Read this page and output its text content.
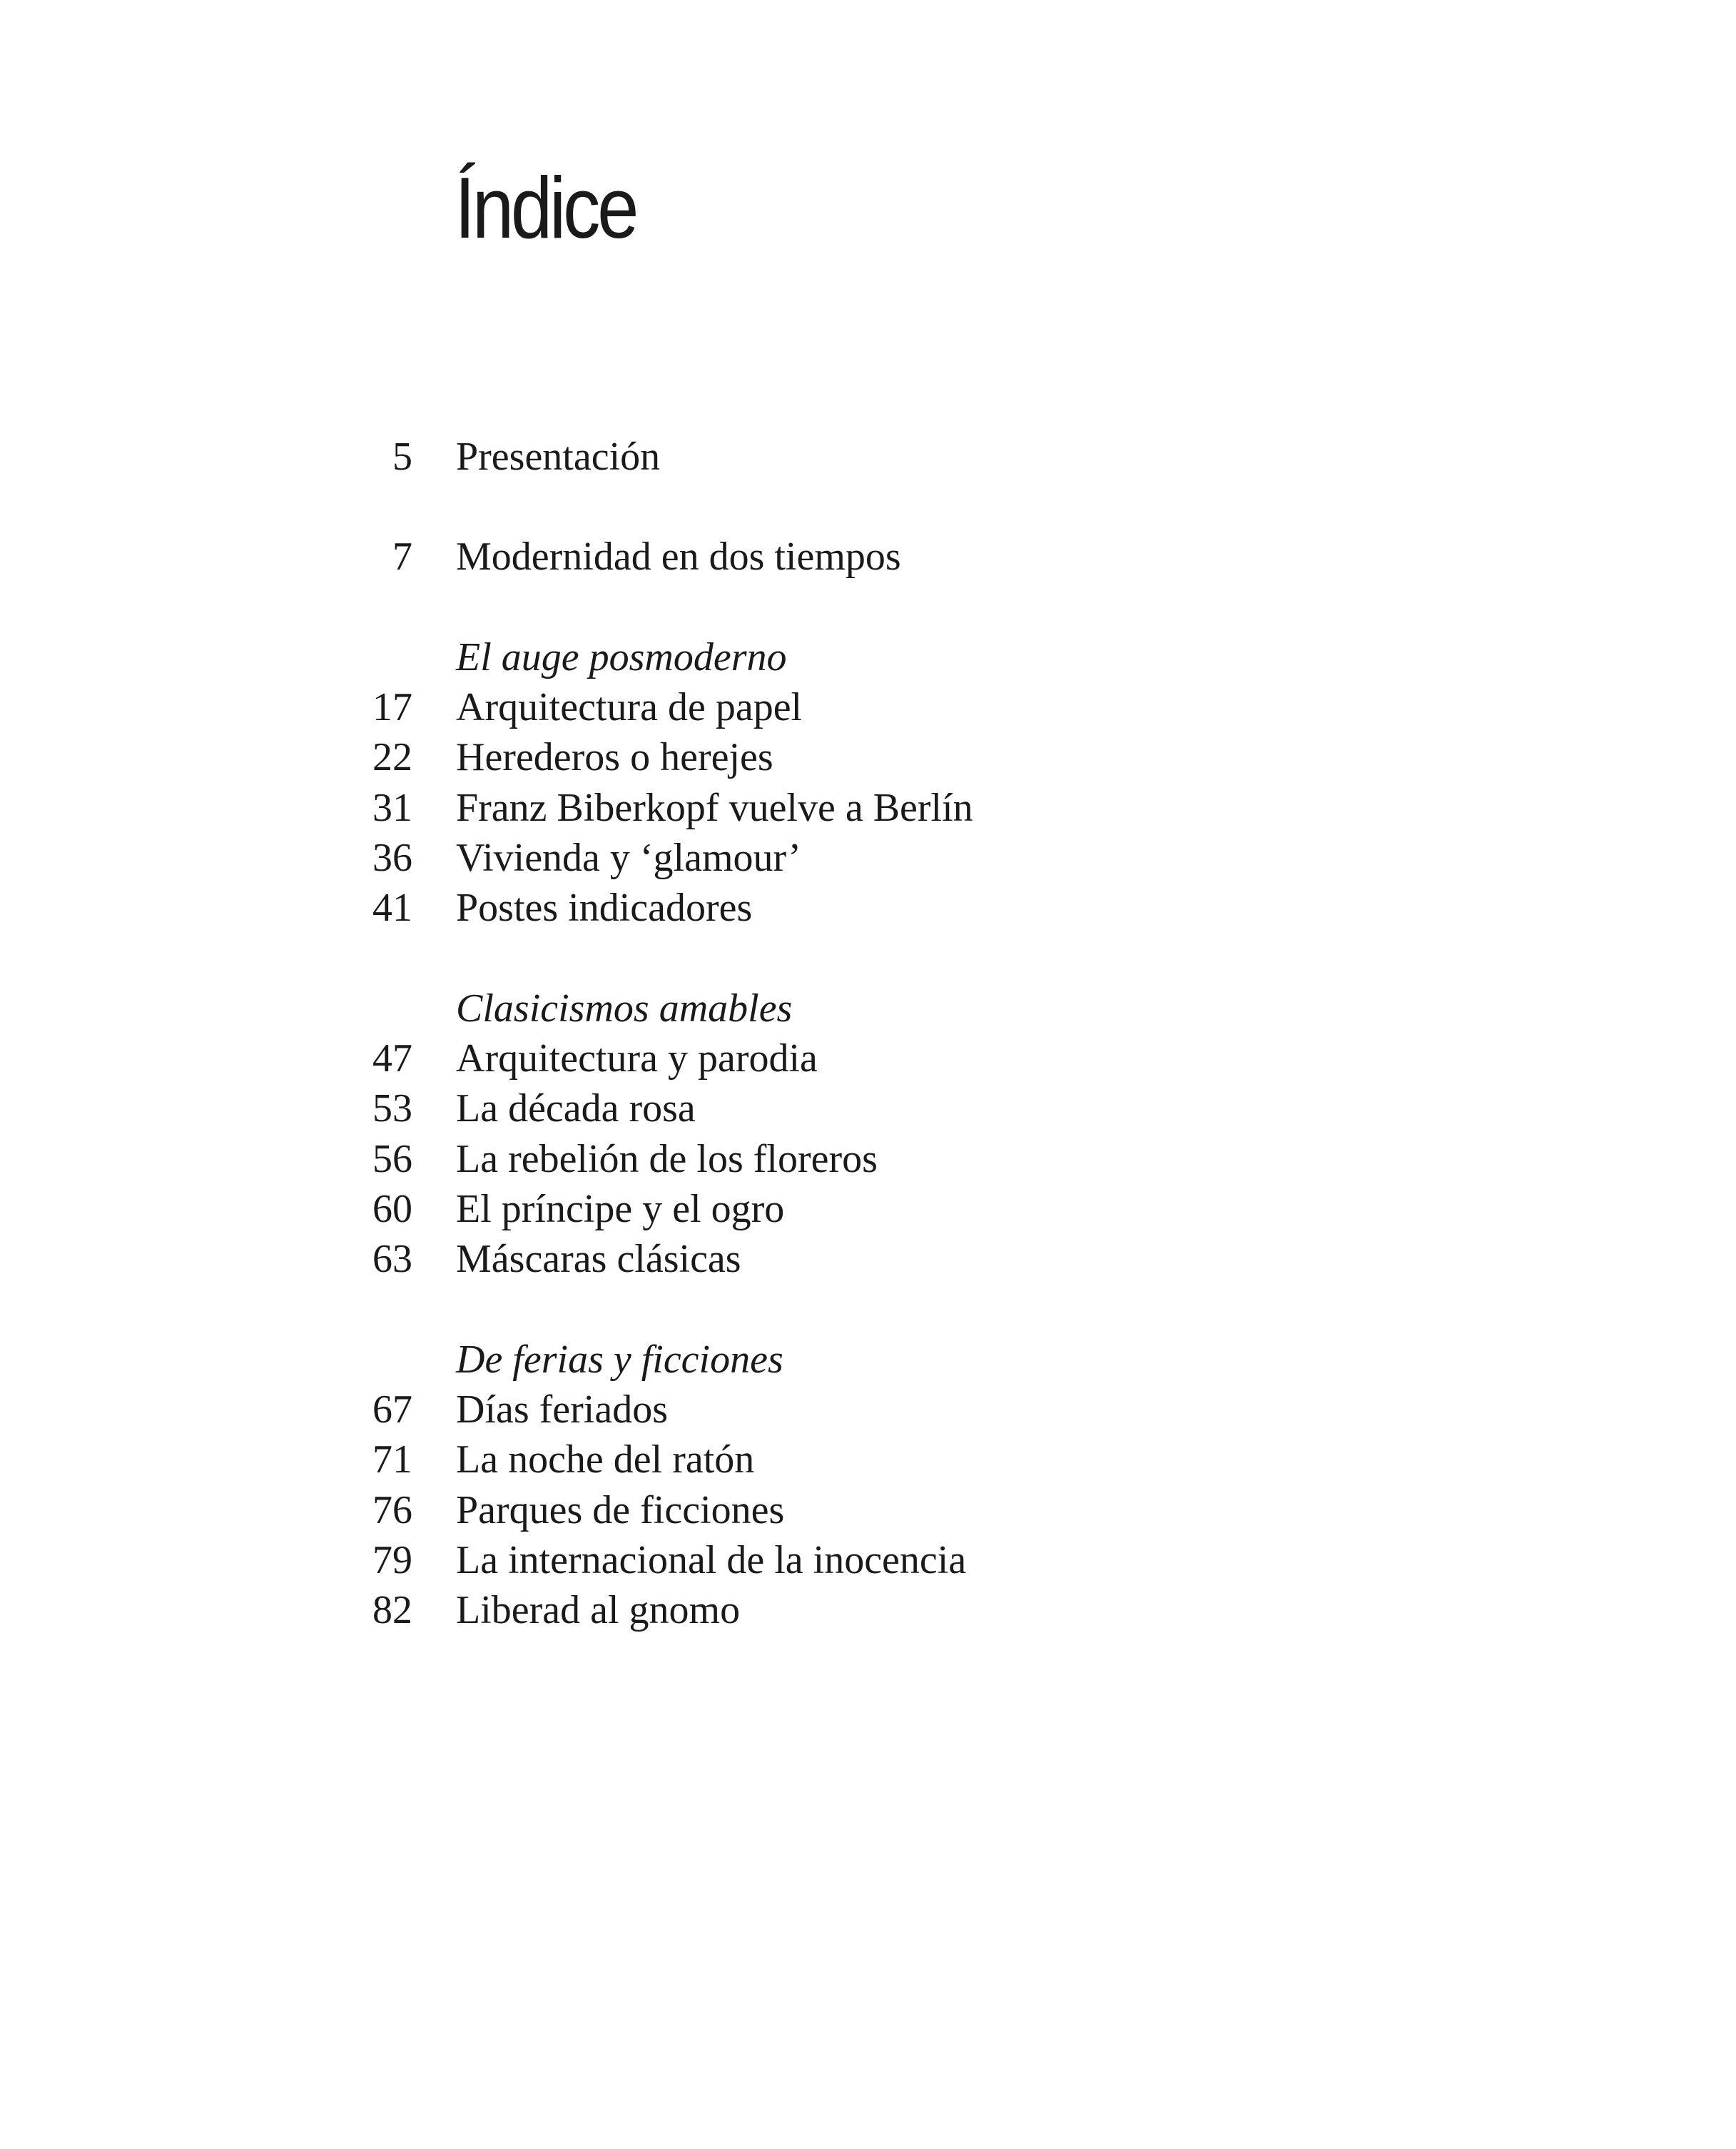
Índice
5 Presentación
7 Modernidad en dos tiempos
El auge posmoderno
17 Arquitectura de papel
22 Herederos o herejes
31 Franz Biberkopf vuelve a Berlín
36 Vivienda y ‘glamour’
41 Postes indicadores
Clasicismos amables
47 Arquitectura y parodia
53 La década rosa
56 La rebelión de los floreros
60 El príncipe y el ogro
63 Máscaras clásicas
De ferias y ficciones
67 Días feriados
71 La noche del ratón
76 Parques de ficciones
79 La internacional de la inocencia
82 Liberad al gnomo
